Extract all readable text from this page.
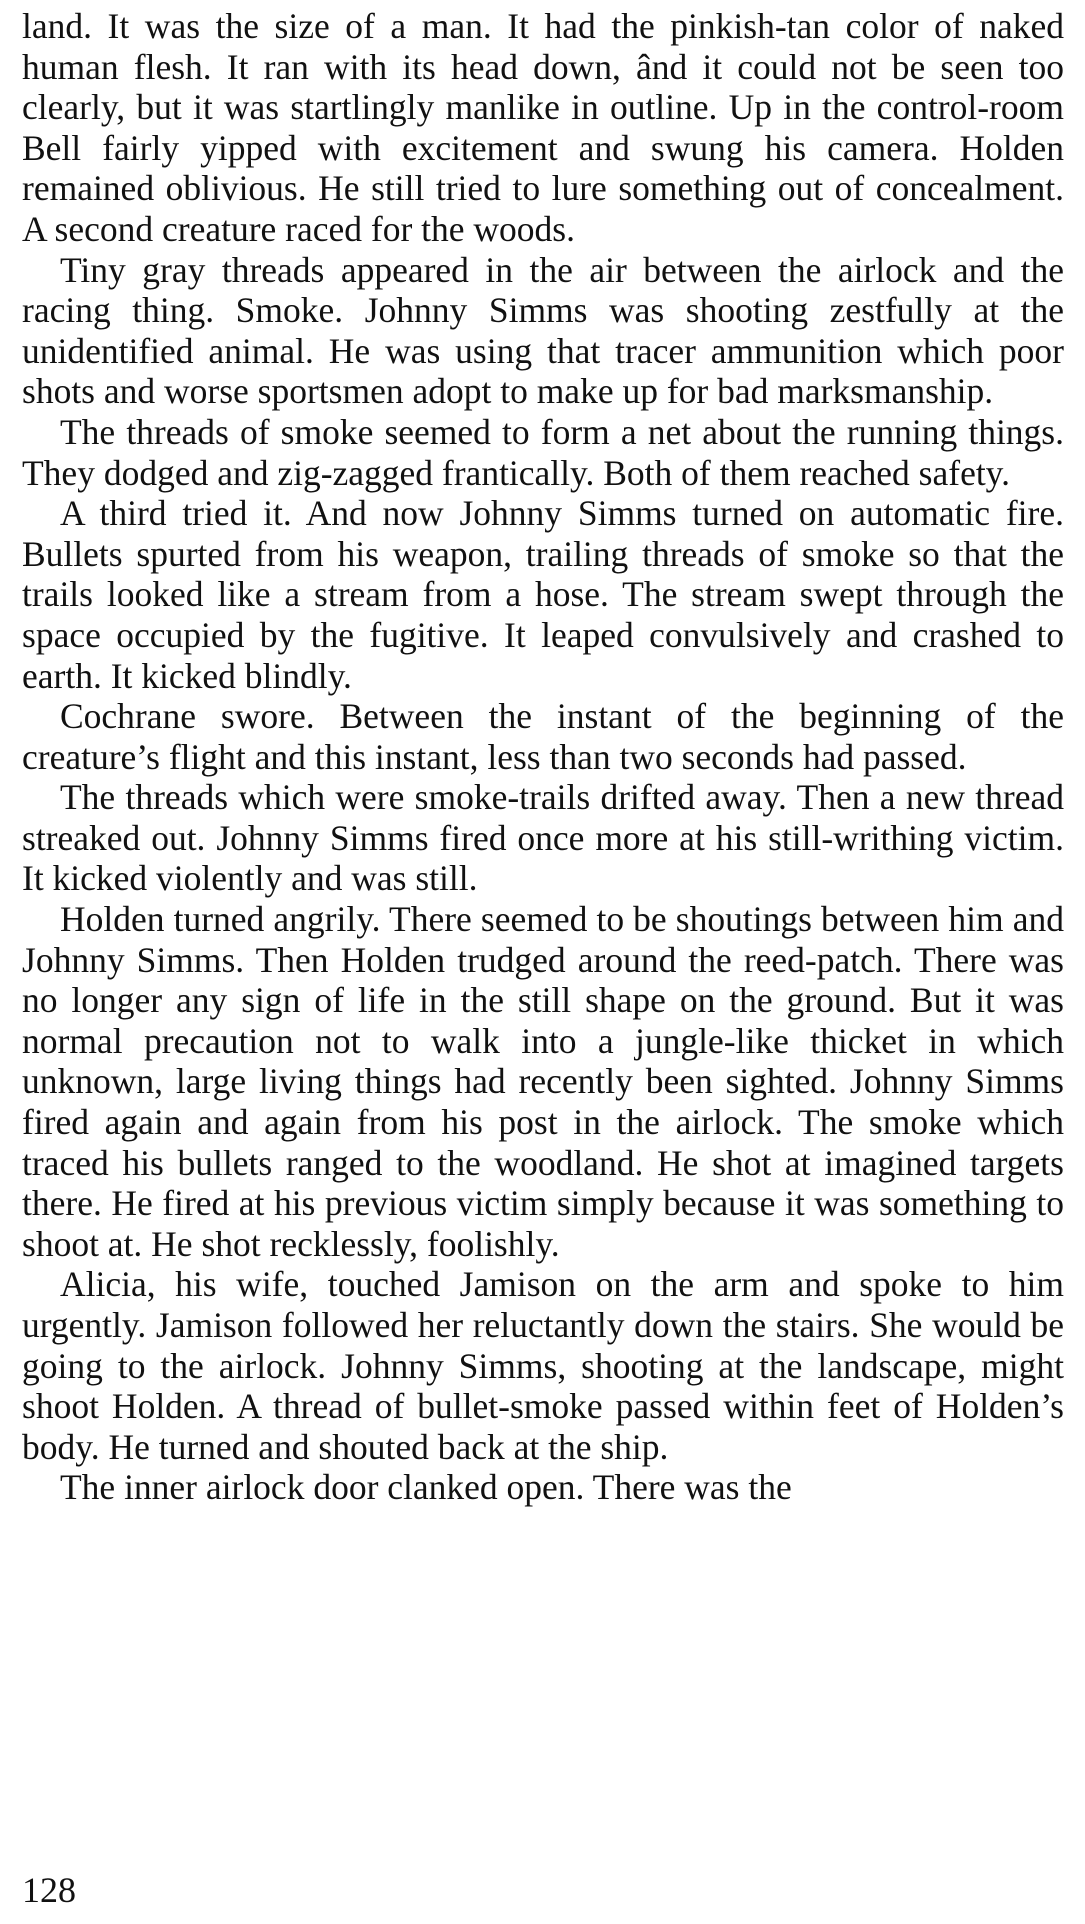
land. It was the size of a man. It had the pinkish-tan color of naked human flesh. It ran with its head down, ând it could not be seen too clearly, but it was startlingly manlike in outline. Up in the control-room Bell fairly yipped with excitement and swung his camera. Holden remained oblivious. He still tried to lure something out of concealment. A second creature raced for the woods.

Tiny gray threads appeared in the air between the airlock and the racing thing. Smoke. Johnny Simms was shooting zestfully at the unidentified animal. He was using that tracer ammunition which poor shots and worse sportsmen adopt to make up for bad marksmanship.

The threads of smoke seemed to form a net about the running things. They dodged and zig-zagged frantically. Both of them reached safety.

A third tried it. And now Johnny Simms turned on automatic fire. Bullets spurted from his weapon, trailing threads of smoke so that the trails looked like a stream from a hose. The stream swept through the space occupied by the fugitive. It leaped convulsively and crashed to earth. It kicked blindly.

Cochrane swore. Between the instant of the beginning of the creature’s flight and this instant, less than two seconds had passed.

The threads which were smoke-trails drifted away. Then a new thread streaked out. Johnny Simms fired once more at his still-writhing victim. It kicked violently and was still.

Holden turned angrily. There seemed to be shoutings between him and Johnny Simms. Then Holden trudged around the reed-patch. There was no longer any sign of life in the still shape on the ground. But it was normal precaution not to walk into a jungle-like thicket in which unknown, large living things had recently been sighted. Johnny Simms fired again and again from his post in the airlock. The smoke which traced his bullets ranged to the woodland. He shot at imagined targets there. He fired at his previous victim simply because it was something to shoot at. He shot recklessly, foolishly.

Alicia, his wife, touched Jamison on the arm and spoke to him urgently. Jamison followed her reluctantly down the stairs. She would be going to the airlock. Johnny Simms, shooting at the landscape, might shoot Holden. A thread of bullet-smoke passed within feet of Holden’s body. He turned and shouted back at the ship.

The inner airlock door clanked open. There was the

128
